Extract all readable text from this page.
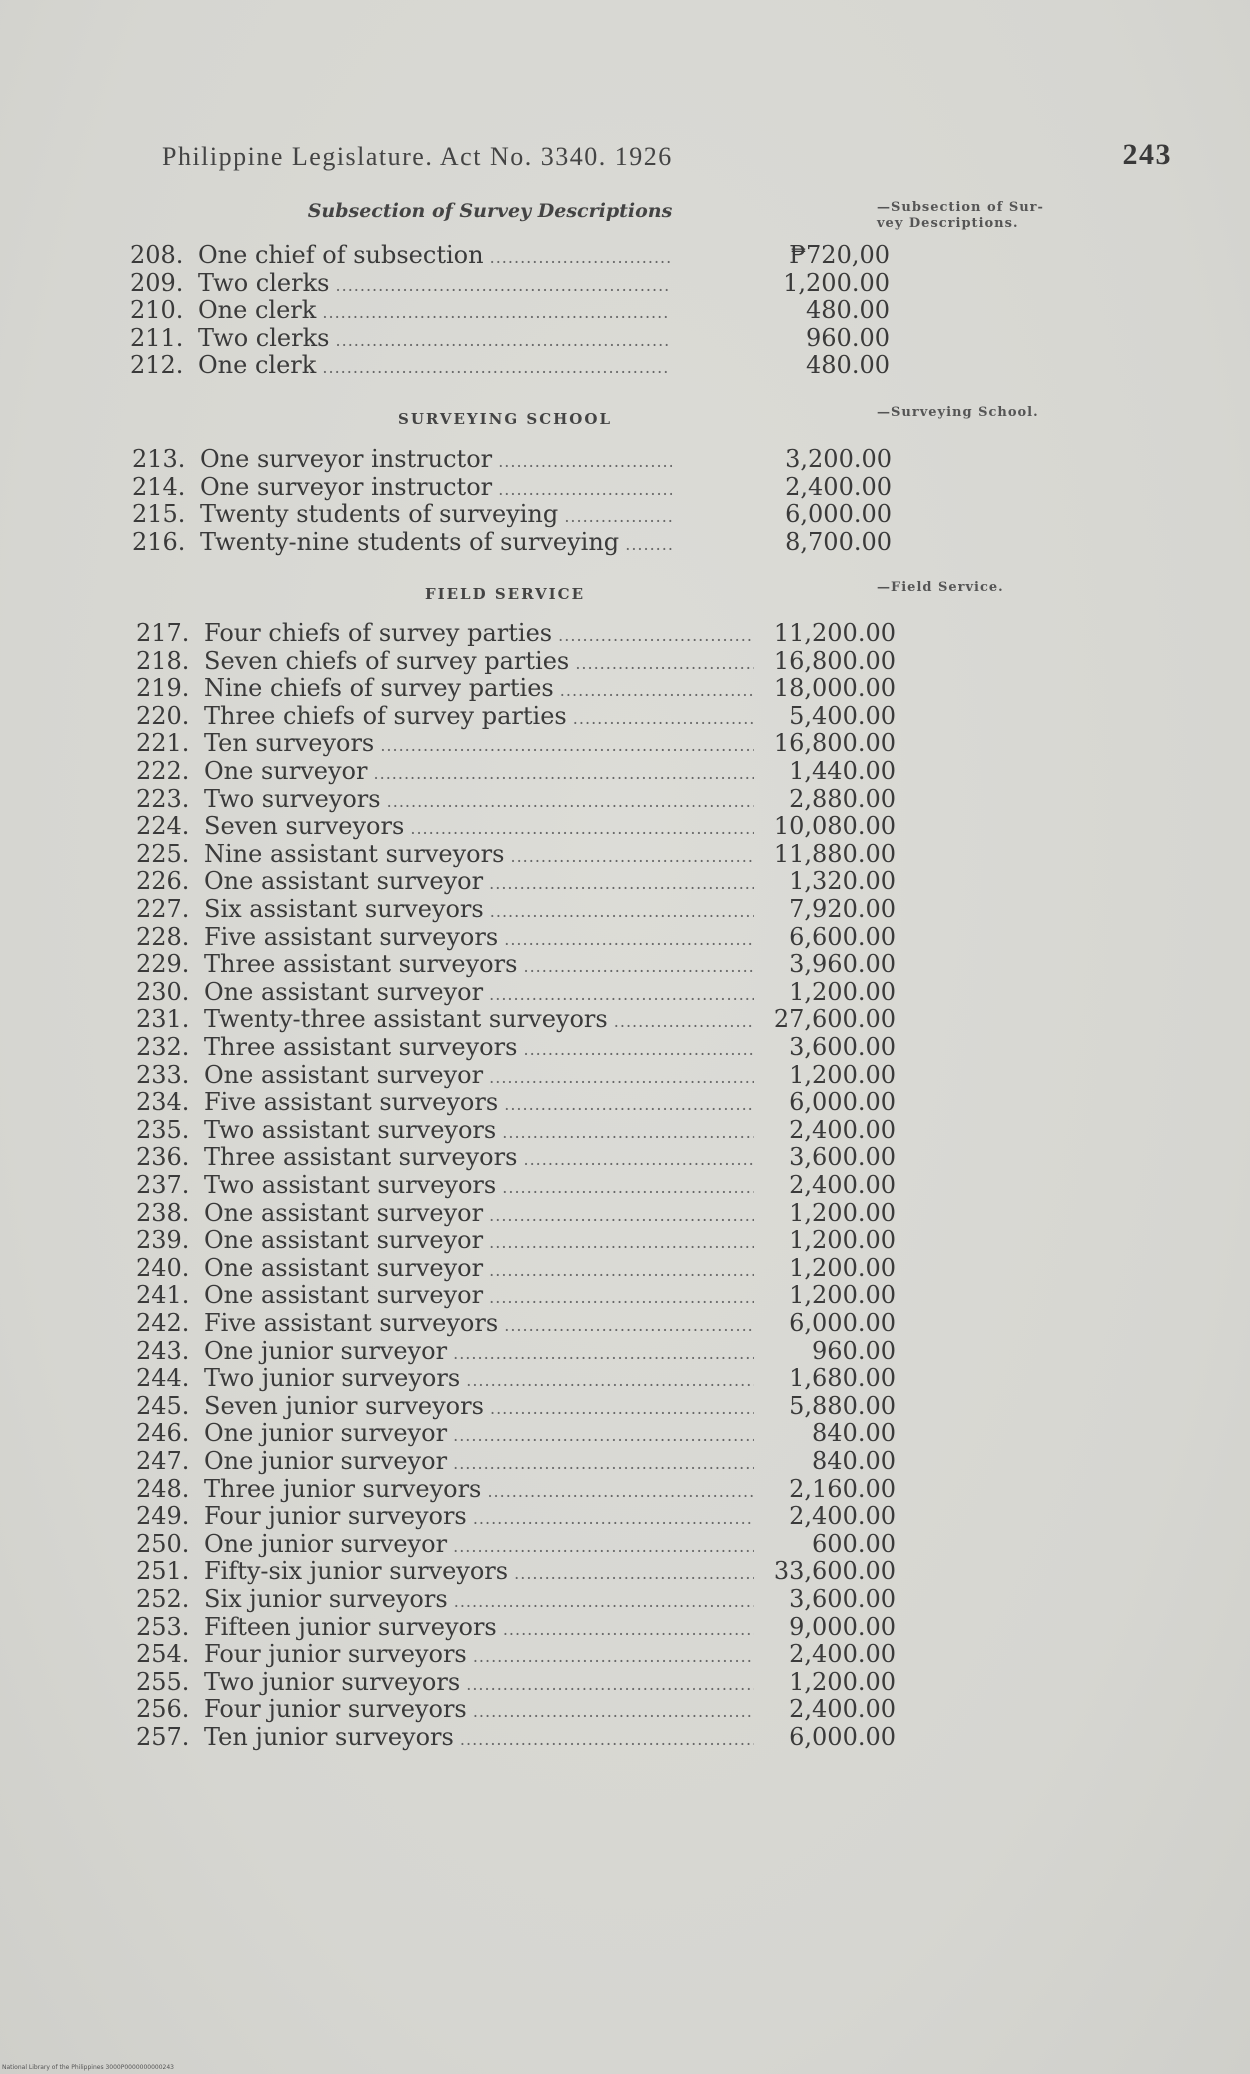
Philippine Legislature. Act No. 3340. 1926	243
Subsection of Survey Descriptions	—Subsection of Sur-
vey Descriptions.
208. One chief of subsection .....	₱720,00
209. Two clerks .....	1,200.00
210. One clerk .....	480.00
211. Two clerks .....	960.00
212. One clerk .....	480.00
SURVEYING SCHOOL	—Surveying School.
213. One surveyor instructor .....	3,200.00
214. One surveyor instructor .....	2,400.00
215. Twenty students of surveying .....	6,000.00
216. Twenty-nine students of surveying .....	8,700.00
FIELD SERVICE	—Field Service.
217. Four chiefs of survey parties .....	11,200.00
218. Seven chiefs of survey parties .....	16,800.00
219. Nine chiefs of survey parties .....	18,000.00
220. Three chiefs of survey parties .....	5,400.00
221. Ten surveyors .....	16,800.00
222. One surveyor .....	1,440.00
223. Two surveyors .....	2,880.00
224. Seven surveyors .....	10,080.00
225. Nine assistant surveyors .....	11,880.00
226. One assistant surveyor .....	1,320.00
227. Six assistant surveyors .....	7,920.00
228. Five assistant surveyors .....	6,600.00
229. Three assistant surveyors .....	3,960.00
230. One assistant surveyor .....	1,200.00
231. Twenty-three assistant surveyors .....	27,600.00
232. Three assistant surveyors .....	3,600.00
233. One assistant surveyor .....	1,200.00
234. Five assistant surveyors .....	6,000.00
235. Two assistant surveyors .....	2,400.00
236. Three assistant surveyors .....	3,600.00
237. Two assistant surveyors .....	2,400.00
238. One assistant surveyor .....	1,200.00
239. One assistant surveyor .....	1,200.00
240. One assistant surveyor .....	1,200.00
241. One assistant surveyor .....	1,200.00
242. Five assistant surveyors .....	6,000.00
243. One junior surveyor .....	960.00
244. Two junior surveyors .....	1,680.00
245. Seven junior surveyors .....	5,880.00
246. One junior surveyor .....	840.00
247. One junior surveyor .....	840.00
248. Three junior surveyors .....	2,160.00
249. Four junior surveyors .....	2,400.00
250. One junior surveyor .....	600.00
251. Fifty-six junior surveyors .....	33,600.00
252. Six junior surveyors .....	3,600.00
253. Fifteen junior surveyors .....	9,000.00
254. Four junior surveyors .....	2,400.00
255. Two junior surveyors .....	1,200.00
256. Four junior surveyors .....	2,400.00
257. Ten junior surveyors .....	6,000.00
National Library of the Philippines 3000P0000000000243
